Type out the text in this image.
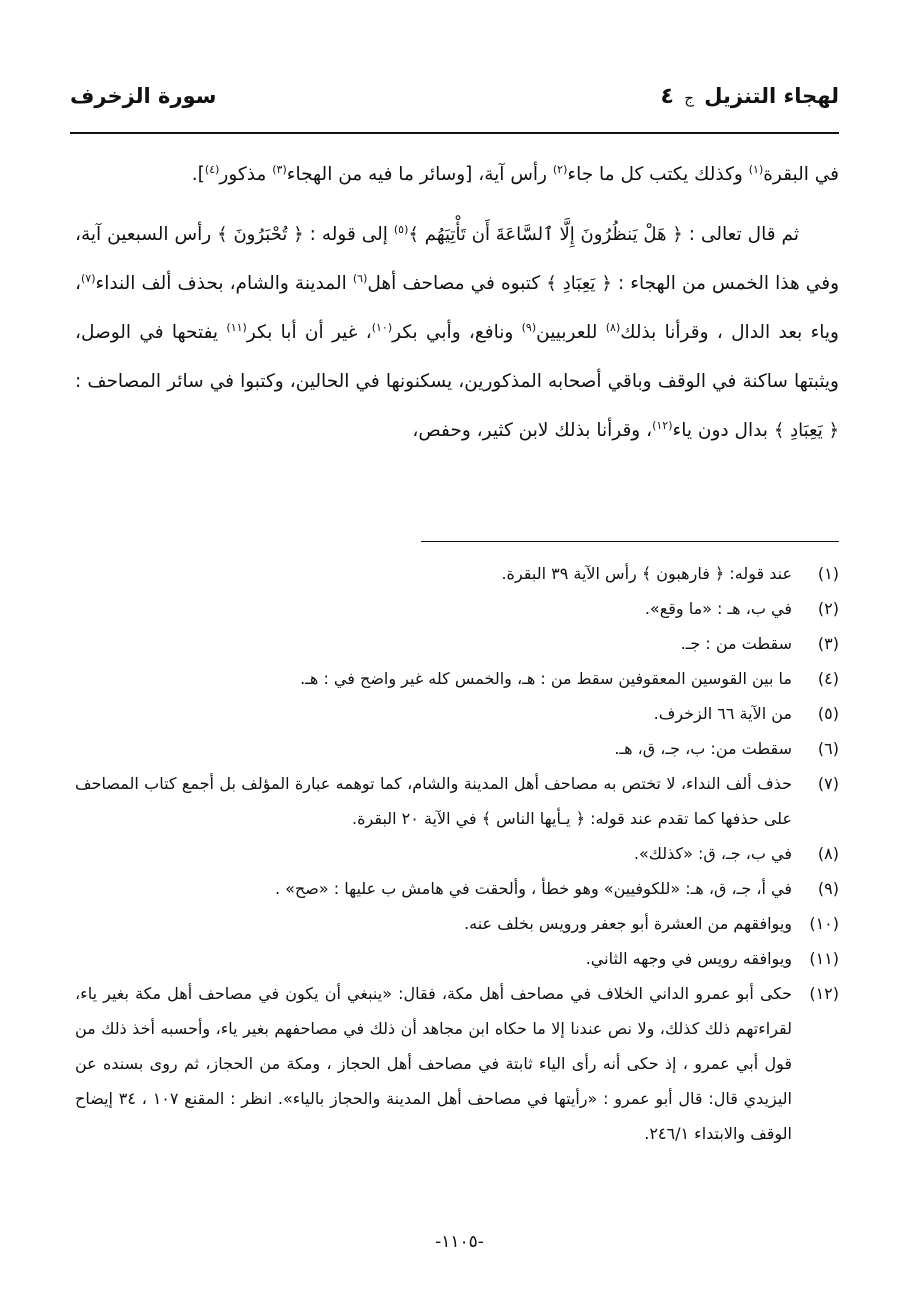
لهجاء التنزيل ج ٤
سورة الزخرف

في البقرة$^{(١)}$ وكذلك يكتب كل ما جاء$^{(٢)}$ رأس آية، [وسائر ما فيه من الهجاء$^{(٣)}$ مذكور$^{(٤)}$].

ثم قال تعالى : ﴿ هَلْ يَنظُرُونَ إِلَّا ٱلسَّاعَةَ أَن تَأْتِيَهُم ﴾$^{(٥)}$ إلى قوله : ﴿ تُحْبَرُونَ ﴾ رأس السبعين آية، وفي هذا الخمس من الهجاء : ﴿ يَعِبَادِ ﴾ كتبوه في مصاحف أهل$^{(٦)}$ المدينة والشام، بحذف ألف النداء$^{(٧)}$، وياء بعد الدال ، وقرأنا بذلك$^{(٨)}$ للعربيين$^{(٩)}$ ونافع، وأبي بكر$^{(١٠)}$، غير أن أبا بكر$^{(١١)}$ يفتحها في الوصل، ويثبتها ساكنة في الوقف وباقي أصحابه المذكورين، يسكنونها في الحالين، وكتبوا في سائر المصاحف : ﴿ يَعِبَادِ ﴾ بدال دون ياء$^{(١٢)}$، وقرأنا بذلك لابن كثير، وحفص،

(١)
عند قوله: ﴿ فارهبون ﴾ رأس الآية ٣٩ البقرة.
(٢)
في ب، هـ : «ما وقع».
(٣)
سقطت من : جـ.
(٤)
ما بين القوسين المعقوفين سقط من : هـ، والخمس كله غير واضح في : هـ.
(٥)
من الآية ٦٦ الزخرف.
(٦)
سقطت من: ب، جـ، ق، هـ.
(٧)
حذف ألف النداء، لا تختص به مصاحف أهل المدينة والشام، كما توهمه عبارة المؤلف بل أجمع كتاب المصاحف على حذفها كما تقدم عند قوله: ﴿ يـأيها الناس ﴾ في الآية ٢٠ البقرة.
(٨)
في ب، جـ، ق: «كذلك».
(٩)
في أ، جـ، ق، هـ: «للكوفيين» وهو خطأ ، وألحقت في هامش ب عليها : «صح» .
(١٠)
ويوافقهم من العشرة أبو جعفر ورويس بخلف عنه.
(١١)
ويوافقه رويس في وجهه الثاني.
(١٢)
حكى أبو عمرو الداني الخلاف في مصاحف أهل مكة، فقال: «ينبغي أن يكون في مصاحف أهل مكة بغير ياء، لقراءتهم ذلك كذلك، ولا نص عندنا إلا ما حكاه ابن مجاهد أن ذلك في مصاحفهم بغير ياء، وأحسبه أخذ ذلك من قول أبي عمرو ، إذ حكى أنه رأى الياء ثابتة في مصاحف أهل الحجاز ، ومكة من الحجاز، ثم روى بسنده عن اليزيدي قال: قال أبو عمرو : «رأيتها في مصاحف أهل المدينة والحجاز بالياء». انظر : المقنع ١٠٧ ، ٣٤ إيضاح الوقف والابتداء ٢٤٦/١.
-١١٠٥-
